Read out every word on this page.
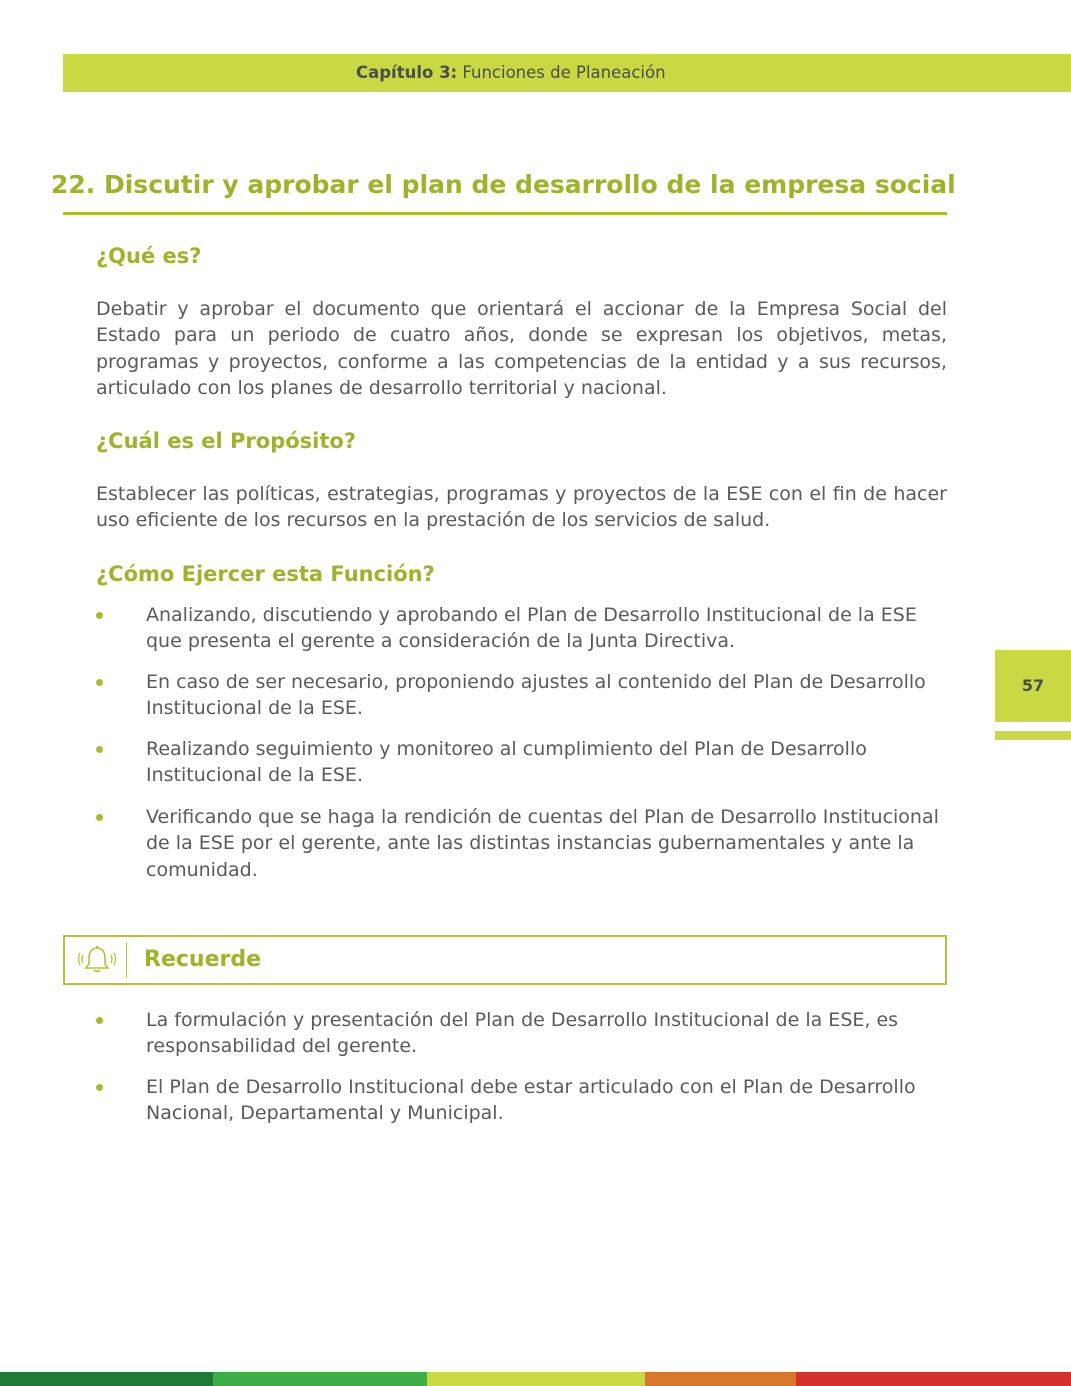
Capítulo 3: Funciones de Planeación
22. Discutir y aprobar el plan de desarrollo de la empresa social
¿Qué es?

Debatir y aprobar el documento que orientará el accionar de la Empresa Social del Estado para un periodo de cuatro años, donde se expresan los objetivos, metas, programas y proyectos, conforme a las competencias de la entidad y a sus recursos, articulado con los planes de desarrollo territorial y nacional.

¿Cuál es el Propósito?

Establecer las políticas, estrategias, programas y proyectos de la ESE con el fin de hacer uso eficiente de los recursos en la prestación de los servicios de salud.

¿Cómo Ejercer esta Función?
Analizando, discutiendo y aprobando el Plan de Desarrollo Institucional de la ESE que presenta el gerente a consideración de la Junta Directiva.
En caso de ser necesario, proponiendo ajustes al contenido del Plan de Desarrollo Institucional de la ESE.
Realizando seguimiento y monitoreo al cumplimiento del Plan de Desarrollo Institucional de la ESE.
Verificando que se haga la rendición de cuentas del Plan de Desarrollo Institucional de la ESE por el gerente, ante las distintas instancias gubernamentales y ante la comunidad.
57
Recuerde
La formulación y presentación del Plan de Desarrollo Institucional de la ESE, es responsabilidad del gerente.
El Plan de Desarrollo Institucional debe estar articulado con el Plan de Desarrollo Nacional, Departamental y Municipal.
